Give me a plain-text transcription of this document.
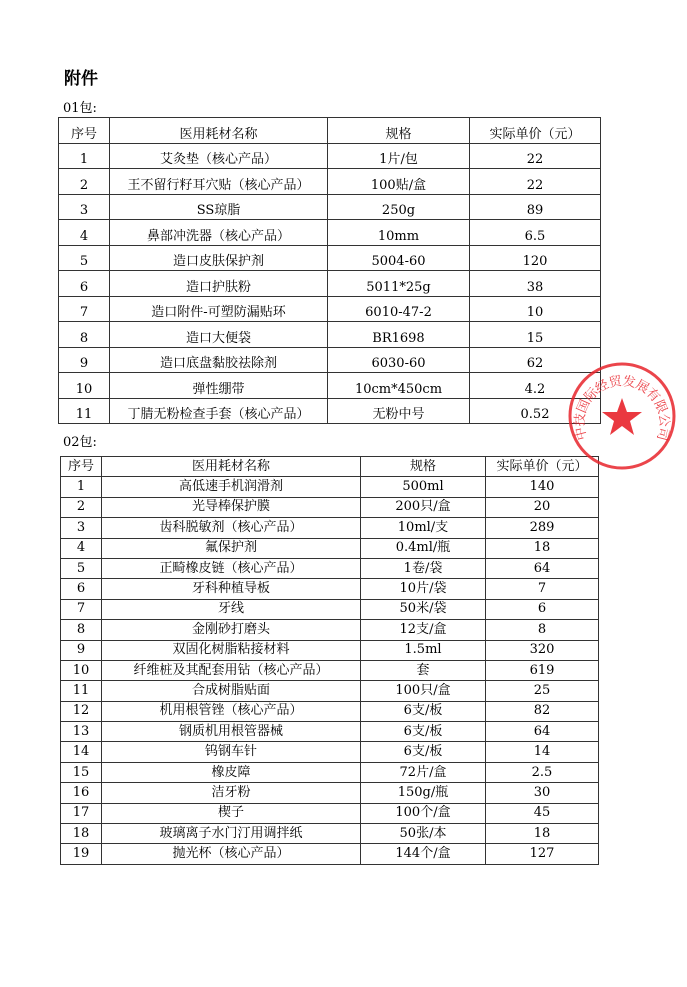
附件
01包:
序号	医用耗材名称	规格	实际单价（元）
1	艾灸垫（核心产品）	1片/包	22
2	王不留行籽耳穴贴（核心产品）	100贴/盒	22
3	SS琼脂	250g	89
4	鼻部冲洗器（核心产品）	10mm	6.5
5	造口皮肤保护剂	5004-60	120
6	造口护肤粉	5011*25g	38
7	造口附件-可塑防漏贴环	6010-47-2	10
8	造口大便袋	BR1698	15
9	造口底盘黏胶祛除剂	6030-60	62
10	弹性绷带	10cm*450cm	4.2
11	丁腈无粉检查手套（核心产品）	无粉中号	0.52
02包:
序号	医用耗材名称	规格	实际单价（元）
1	高低速手机润滑剂	500ml	140
2	光导棒保护膜	200只/盒	20
3	齿科脱敏剂（核心产品）	10ml/支	289
4	氟保护剂	0.4ml/瓶	18
5	正畸橡皮链（核心产品）	1卷/袋	64
6	牙科种植导板	10片/袋	7
7	牙线	50米/袋	6
8	金刚砂打磨头	12支/盒	8
9	双固化树脂粘接材料	1.5ml	320
10	纤维桩及其配套用钻（核心产品）	套	619
11	合成树脂贴面	100只/盒	25
12	机用根管锉（核心产品）	6支/板	82
13	钢质机用根管器械	6支/板	64
14	钨钢车针	6支/板	14
15	橡皮障	72片/盒	2.5
16	洁牙粉	150g/瓶	30
17	楔子	100个/盒	45
18	玻璃离子水门汀用调拌纸	50张/本	18
19	抛光杯（核心产品）	144个/盒	127
中技国际经贸发展有限公司
